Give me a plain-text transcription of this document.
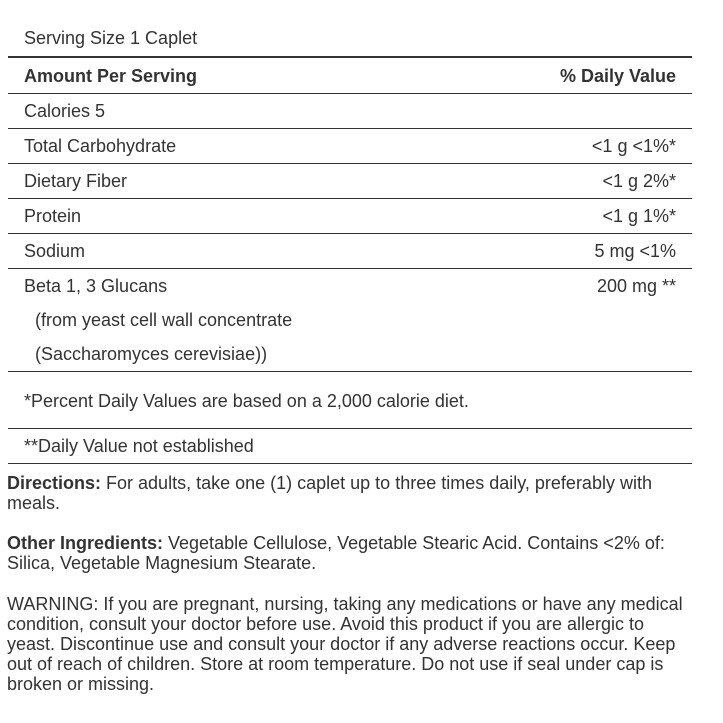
Serving Size 1 Caplet	
Amount Per Serving	% Daily Value
Calories 5	
Total Carbohydrate	<1 g <1%*
Dietary Fiber	<1 g 2%*
Protein	<1 g 1%*
Sodium	5 mg <1%
Beta 1, 3 Glucans	200 mg **
(from yeast cell wall concentrate	
(Saccharomyces cerevisiae))	

*Percent Daily Values are based on a 2,000 calorie diet.	

**Daily Value not established	

Directions: For adults, take one (1) caplet up to three times daily, preferably with meals.

Other Ingredients: Vegetable Cellulose, Vegetable Stearic Acid. Contains <2% of: Silica, Vegetable Magnesium Stearate.

WARNING: If you are pregnant, nursing, taking any medications or have any medical condition, consult your doctor before use. Avoid this product if you are allergic to yeast. Discontinue use and consult your doctor if any adverse reactions occur. Keep out of reach of children. Store at room temperature. Do not use if seal under cap is broken or missing.
